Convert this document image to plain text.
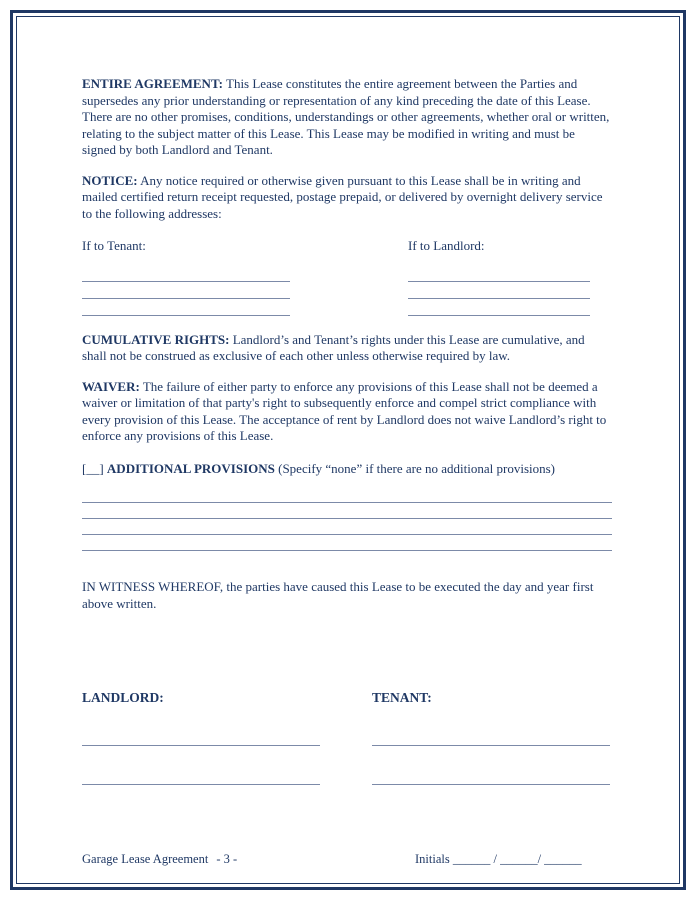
ENTIRE AGREEMENT: This Lease constitutes the entire agreement between the Parties and supersedes any prior understanding or representation of any kind preceding the date of this Lease. There are no other promises, conditions, understandings or other agreements, whether oral or written, relating to the subject matter of this Lease. This Lease may be modified in writing and must be signed by both Landlord and Tenant.

NOTICE: Any notice required or otherwise given pursuant to this Lease shall be in writing and mailed certified return receipt requested, postage prepaid, or delivered by overnight delivery service to the following addresses:

If to Tenant:	If to Landlord:

CUMULATIVE RIGHTS: Landlord’s and Tenant’s rights under this Lease are cumulative, and shall not be construed as exclusive of each other unless otherwise required by law.

WAIVER: The failure of either party to enforce any provisions of this Lease shall not be deemed a waiver or limitation of that party's right to subsequently enforce and compel strict compliance with every provision of this Lease. The acceptance of rent by Landlord does not waive Landlord’s right to enforce any provisions of this Lease.

[__] ADDITIONAL PROVISIONS (Specify “none” if there are no additional provisions)

IN WITNESS WHEREOF, the parties have caused this Lease to be executed the day and year first above written.

LANDLORD:	TENANT:
Garage Lease Agreement - 3 -	Initials ______ / ______/ ______
